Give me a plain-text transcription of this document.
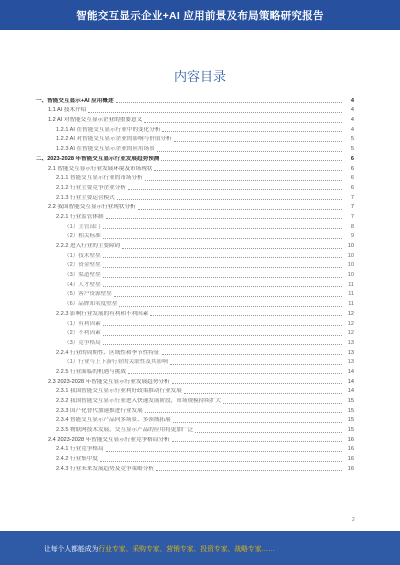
智能交互显示企业+AI 应用前景及布局策略研究报告
内容目录
一、智能交互显示+AI 应用概述	4
1.1 AI 技术介绍	4
1.2 AI 对智能交互显示企业的重要意义	4
1.2.1 AI 在智能交互显示行业中的变化分析	4
1.2.2 AI 对智能交互显示企业的影响与价值分析	5
1.2.3 AI 在智能交互显示企业的应用场景	5
二、2023-2028 年智能交互显示行业发展趋势预测	6
2.1 智能交互显示行业发展环境及市场现状	6
2.1.1 智能交互显示行业的市场分析	6
2.1.2 行业主要竞争企业分析	6
2.1.3 行业主要运营模式	7
2.2 我国智能交互显示行业现状分析	7
2.2.1 行业监管体制	7
（1）主管部门	8
（2）相关标准	9
2.2.2 进入行业的主要障碍	10
（1）技术壁垒	10
（2）资金壁垒	10
（3）渠道壁垒	10
（4）人才壁垒	11
（5）客户资源壁垒	11
（6）品牌知名度壁垒	11
2.2.3 影响行业发展的有利和不利因素	12
（1）有利因素	12
（2）不利因素	12
（3）竞争格局	13
2.2.4 行业的周期性、区域性和季节性特征	13
（1）行业与上下游行业的关联性及其影响	13
2.2.5 行业面临的机遇与挑战	14
2.3 2023-2028 年智能交互显示行业发展趋势分析	14
2.3.1 我国智能交互显示行业利好政策推动行业发展	14
2.3.2 我国智能交互显示行业进入快速发展阶段，市场规模持续扩大	15
2.3.3 国产化替代加速推进行业发展	15
2.3.4 智能交互显示产品向多场景、多领域拓展	15
2.3.5 物联网技术发展，交互显示产品的应用将更加广泛	15
2.4 2023-2028 年智能交互显示行业竞争格局分析	16
2.4.1 行业竞争格局	16
2.4.2 行业集中度	16
2.4.3 行业未来发展趋势及竞争策略分析	16
2
让每个人都能成为行业专家、采购专家、营销专家、投资专家、战略专家……
